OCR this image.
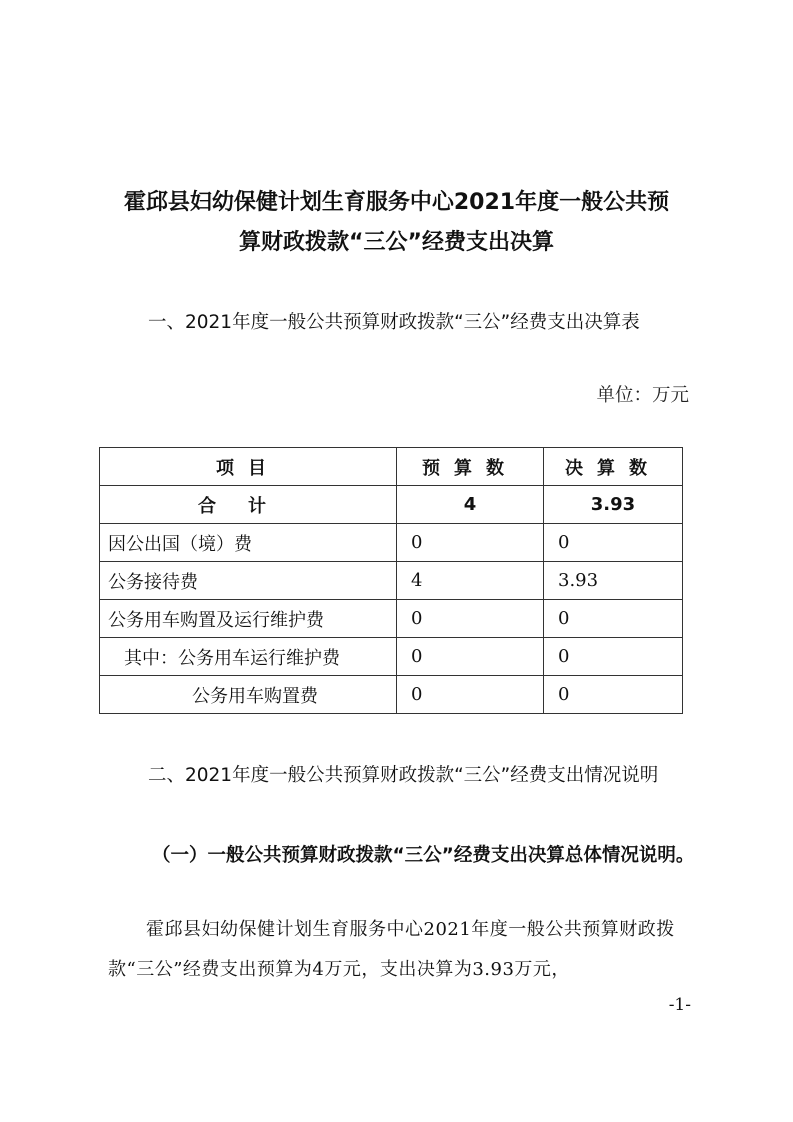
霍邱县妇幼保健计划生育服务中心2021年度一般公共预
算财政拨款“三公”经费支出决算
一、2021年度一般公共预算财政拨款“三公”经费支出决算表
单位：万元
项目	预算数	决算数
合计	4	3.93
因公出国（境）费	0	0
公务接待费	4	3.93
公务用车购置及运行维护费	0	0
其中：公务用车运行维护费	0	0
公务用车购置费	0	0
二、2021年度一般公共预算财政拨款“三公”经费支出情况说明
（一）一般公共预算财政拨款“三公”经费支出决算总体情况说明。
霍邱县妇幼保健计划生育服务中心2021年度一般公共预算财政拨款“三公”经费支出预算为4万元，支出决算为3.93万元，
-1-
